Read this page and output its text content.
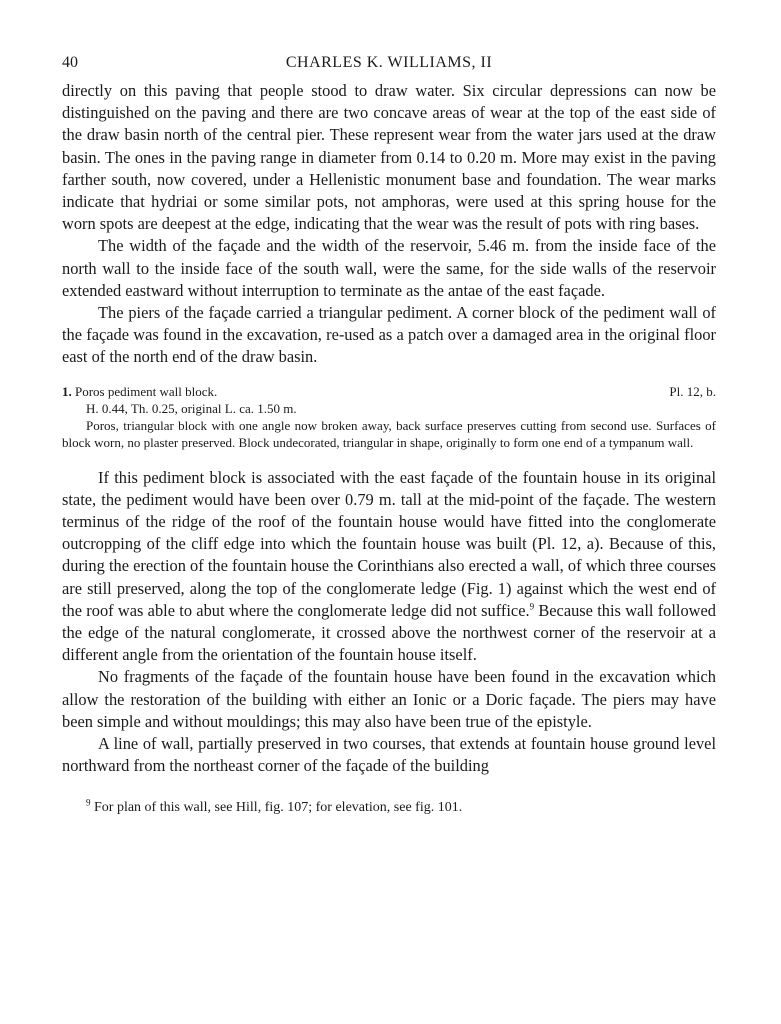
40	CHARLES K. WILLIAMS, II

directly on this paving that people stood to draw water. Six circular depressions can now be distinguished on the paving and there are two concave areas of wear at the top of the east side of the draw basin north of the central pier. These represent wear from the water jars used at the draw basin. The ones in the paving range in diameter from 0.14 to 0.20 m. More may exist in the paving farther south, now covered, under a Hellenistic monument base and foundation. The wear marks indicate that hydriai or some similar pots, not amphoras, were used at this spring house for the worn spots are deepest at the edge, indicating that the wear was the result of pots with ring bases.

The width of the façade and the width of the reservoir, 5.46 m. from the inside face of the north wall to the inside face of the south wall, were the same, for the side walls of the reservoir extended eastward without interruption to terminate as the antae of the east façade.

The piers of the façade carried a triangular pediment. A corner block of the pediment wall of the façade was found in the excavation, re-used as a patch over a damaged area in the original floor east of the north end of the draw basin.

1. Poros pediment wall block.	Pl. 12, b.
H. 0.44, Th. 0.25, original L. ca. 1.50 m.
Poros, triangular block with one angle now broken away, back surface preserves cutting from second use. Surfaces of block worn, no plaster preserved. Block undecorated, triangular in shape, originally to form one end of a tympanum wall.

If this pediment block is associated with the east façade of the fountain house in its original state, the pediment would have been over 0.79 m. tall at the mid-point of the façade. The western terminus of the ridge of the roof of the fountain house would have fitted into the conglomerate outcropping of the cliff edge into which the fountain house was built (Pl. 12, a). Because of this, during the erection of the fountain house the Corinthians also erected a wall, of which three courses are still preserved, along the top of the conglomerate ledge (Fig. 1) against which the west end of the roof was able to abut where the conglomerate ledge did not suffice.$^9$ Because this wall followed the edge of the natural conglomerate, it crossed above the northwest corner of the reservoir at a different angle from the orientation of the fountain house itself.

No fragments of the façade of the fountain house have been found in the excavation which allow the restoration of the building with either an Ionic or a Doric façade. The piers may have been simple and without mouldings; this may also have been true of the epistyle.

A line of wall, partially preserved in two courses, that extends at fountain house ground level northward from the northeast corner of the façade of the building

$^9$ For plan of this wall, see Hill, fig. 107; for elevation, see fig. 101.
